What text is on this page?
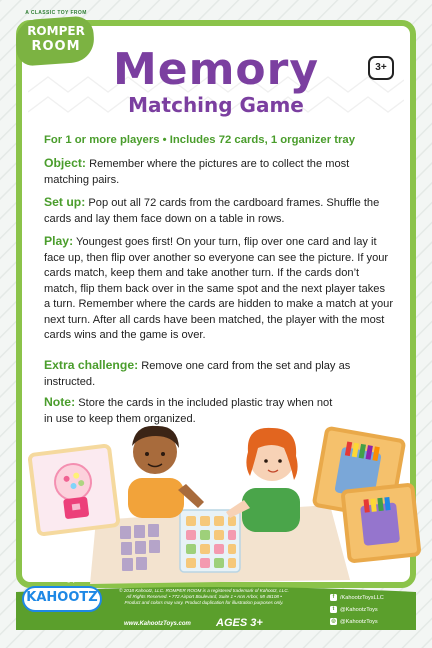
A CLASSIC TOY FROM
ROMPER
ROOM
3+
Memory
Matching Game
For 1 or more players • Includes 72 cards, 1 organizer tray
Object: Remember where the pictures are to collect the most matching pairs.
Set up: Pop out all 72 cards from the cardboard frames. Shuffle the cards and lay them face down on a table in rows.
Play: Youngest goes first! On your turn, flip over one card and lay it face up, then flip over another so everyone can see the picture. If your cards match, keep them and take another turn. If the cards don’t match, flip them back over in the same spot and the next player takes a turn. Remember where the cards are hidden to make a match at your next turn. After all cards have been matched, the player with the most cards wins and the game is over.
Extra challenge: Remove one card from the set and play as instructed.
Note: Store the cards in the included plastic tray when not in use to keep them organized.
From those guys at
KAHOOTZ	© 2018 Kahootz, LLC. ROMPER ROOM is a registered trademark of Kahootz, LLC.
All Rights Reserved. • 772 Airport Boulevard, Suite 1 • Ann Arbor, MI 48108 •
Product and colors may vary. Product duplication for illustration purposes only.
www.KahootzToys.com AGES 3+
f /KahootzToysLLC
t @KahootzToys
◎ @KahootzToys
